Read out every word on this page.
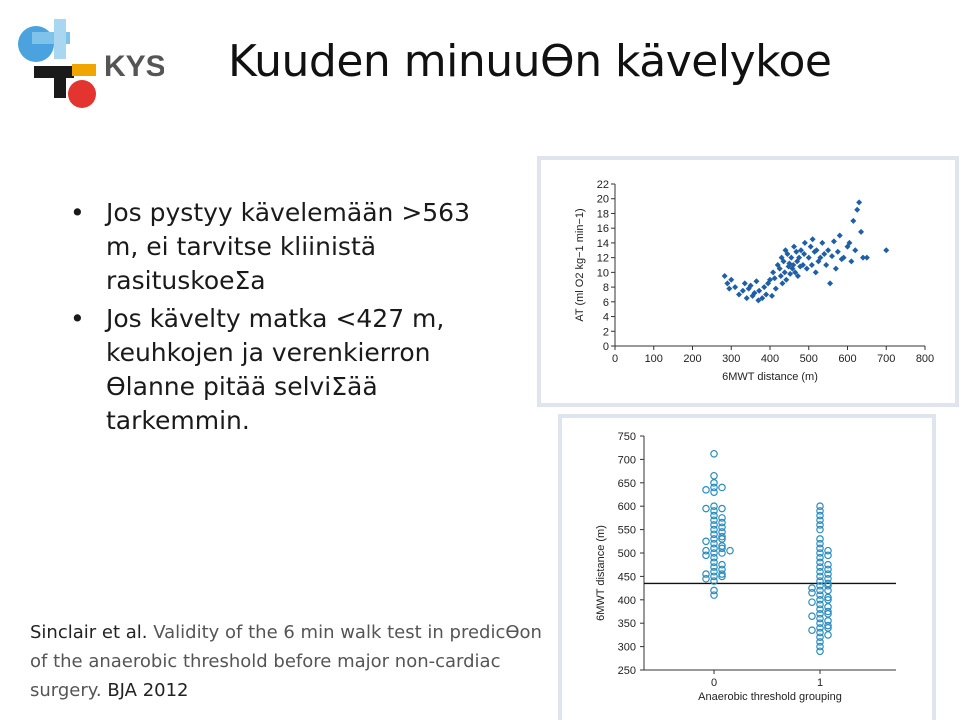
KYS Kuuden minuuƟn kävelykoe
• Jos pystyy kävelemään >563 m, ei tarvitse kliinistä rasituskoeƩa
• Jos kävelty matka <427 m, keuhkojen ja verenkierron Ɵlanne pitää selviƩää tarkemmin.
Sinclair et al. Validity of the 6 min walk test in predicƟon of the anaerobic threshold before major non-cardiac surgery. BJA 2012
0
2
4
6
8
10
12
14
16
18
20
22
0 100 200 300 400 500 600 700 800
6MWT distance (m)
AT (ml O2 kg−1 min−1)
250
300
350
400
450
500
550
600
650
700
750
0	1
Anaerobic threshold grouping
6MWT distance (m)
